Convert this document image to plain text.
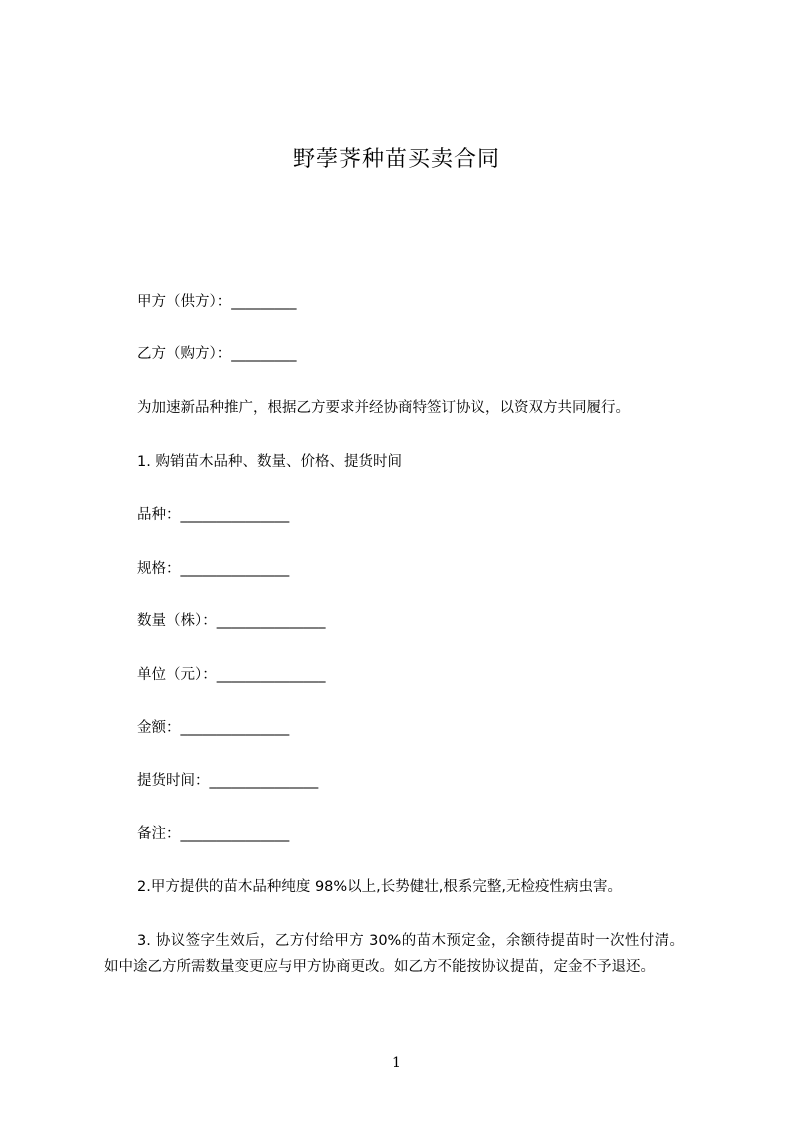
野荸荠种苗买卖合同
甲方（供方）：_________
乙方（购方）：_________
为加速新品种推广，根据乙方要求并经协商特签订协议，以资双方共同履行。
1. 购销苗木品种、数量、价格、提货时间
品种：_______________
规格：_______________
数量（株）：_______________
单位（元）：_______________
金额：_______________
提货时间：_______________
备注：_______________
2.甲方提供的苗木品种纯度 98%以上,长势健壮,根系完整,无检疫性病虫害。
3. 协议签字生效后，乙方付给甲方 30%的苗木预定金，余额待提苗时一次性付清。如中途乙方所需数量变更应与甲方协商更改。如乙方不能按协议提苗，定金不予退还。
1
